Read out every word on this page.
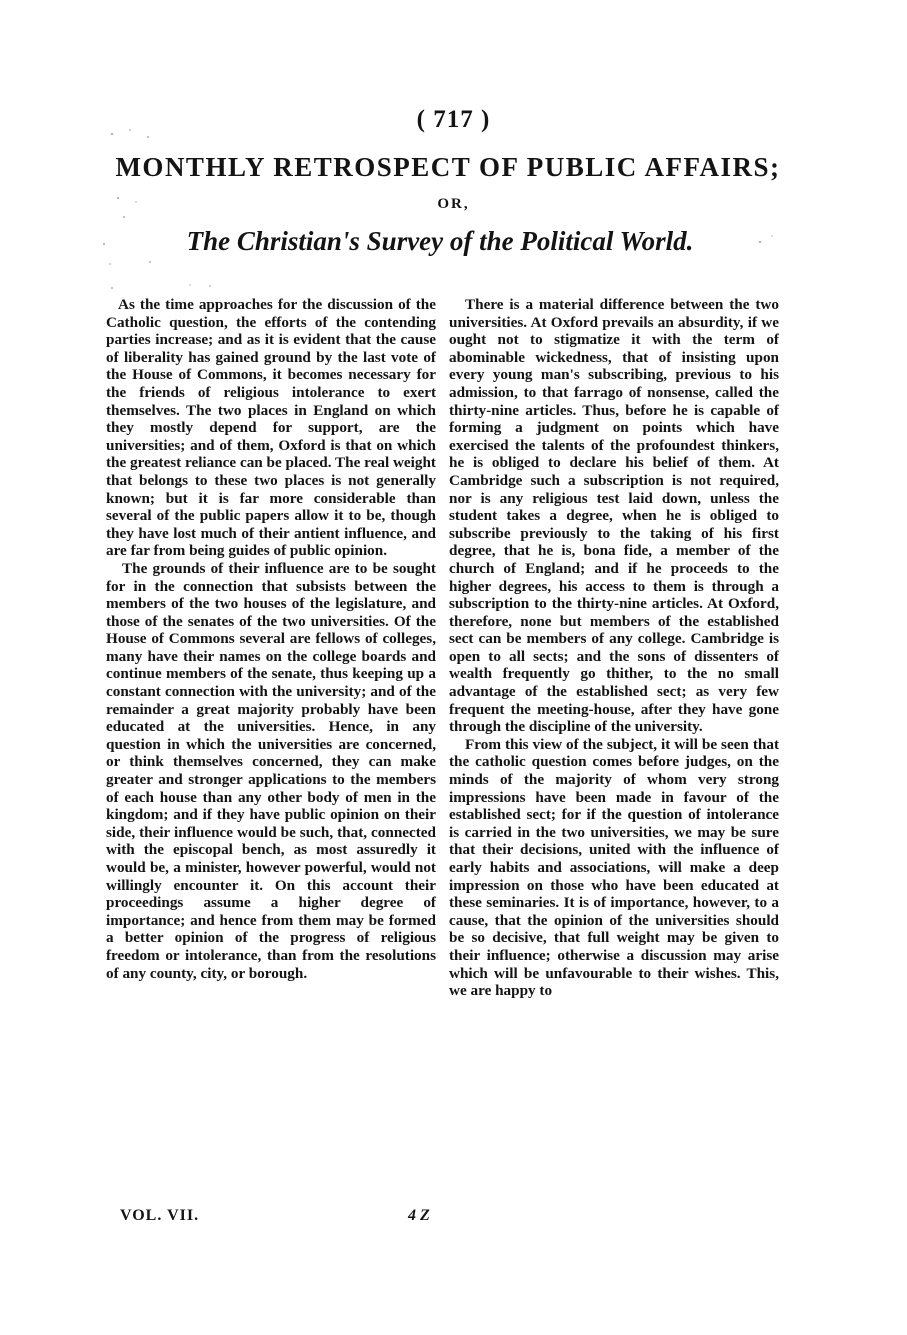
( 717 )
MONTHLY RETROSPECT OF PUBLIC AFFAIRS;
OR,
The Christian's Survey of the Political World.

As the time approaches for the discussion of the Catholic question, the efforts of the contending parties increase; and as it is evident that the cause of liberality has gained ground by the last vote of the House of Commons, it becomes necessary for the friends of religious intolerance to exert themselves. The two places in England on which they mostly depend for support, are the universities; and of them, Oxford is that on which the greatest reliance can be placed. The real weight that belongs to these two places is not generally known; but it is far more considerable than several of the public papers allow it to be, though they have lost much of their antient influence, and are far from being guides of public opinion.

The grounds of their influence are to be sought for in the connection that subsists between the members of the two houses of the legislature, and those of the senates of the two universities. Of the House of Commons several are fellows of colleges, many have their names on the college boards and continue members of the senate, thus keeping up a constant connection with the university; and of the remainder a great majority probably have been educated at the universities. Hence, in any question in which the universities are concerned, or think themselves concerned, they can make greater and stronger applications to the members of each house than any other body of men in the kingdom; and if they have public opinion on their side, their influence would be such, that, connected with the episcopal bench, as most assuredly it would be, a minister, however powerful, would not willingly encounter it. On this account their proceedings assume a higher degree of importance; and hence from them may be formed a better opinion of the progress of religious freedom or intolerance, than from the resolutions of any county, city, or borough.

There is a material difference between the two universities. At Oxford prevails an absurdity, if we ought not to stigmatize it with the term of abominable wickedness, that of insisting upon every young man's subscribing, previous to his admission, to that farrago of nonsense, called the thirty-nine articles. Thus, before he is capable of forming a judgment on points which have exercised the talents of the profoundest thinkers, he is obliged to declare his belief of them. At Cambridge such a subscription is not required, nor is any religious test laid down, unless the student takes a degree, when he is obliged to subscribe previously to the taking of his first degree, that he is, bona fide, a member of the church of England; and if he proceeds to the higher degrees, his access to them is through a subscription to the thirty-nine articles. At Oxford, therefore, none but members of the established sect can be members of any college. Cambridge is open to all sects; and the sons of dissenters of wealth frequently go thither, to the no small advantage of the established sect; as very few frequent the meeting-house, after they have gone through the discipline of the university.

From this view of the subject, it will be seen that the catholic question comes before judges, on the minds of the majority of whom very strong impressions have been made in favour of the established sect; for if the question of intolerance is carried in the two universities, we may be sure that their decisions, united with the influence of early habits and associations, will make a deep impression on those who have been educated at these seminaries. It is of importance, however, to a cause, that the opinion of the universities should be so decisive, that full weight may be given to their influence; otherwise a discussion may arise which will be unfavourable to their wishes. This, we are happy to

VOL. VII.	4 Z
